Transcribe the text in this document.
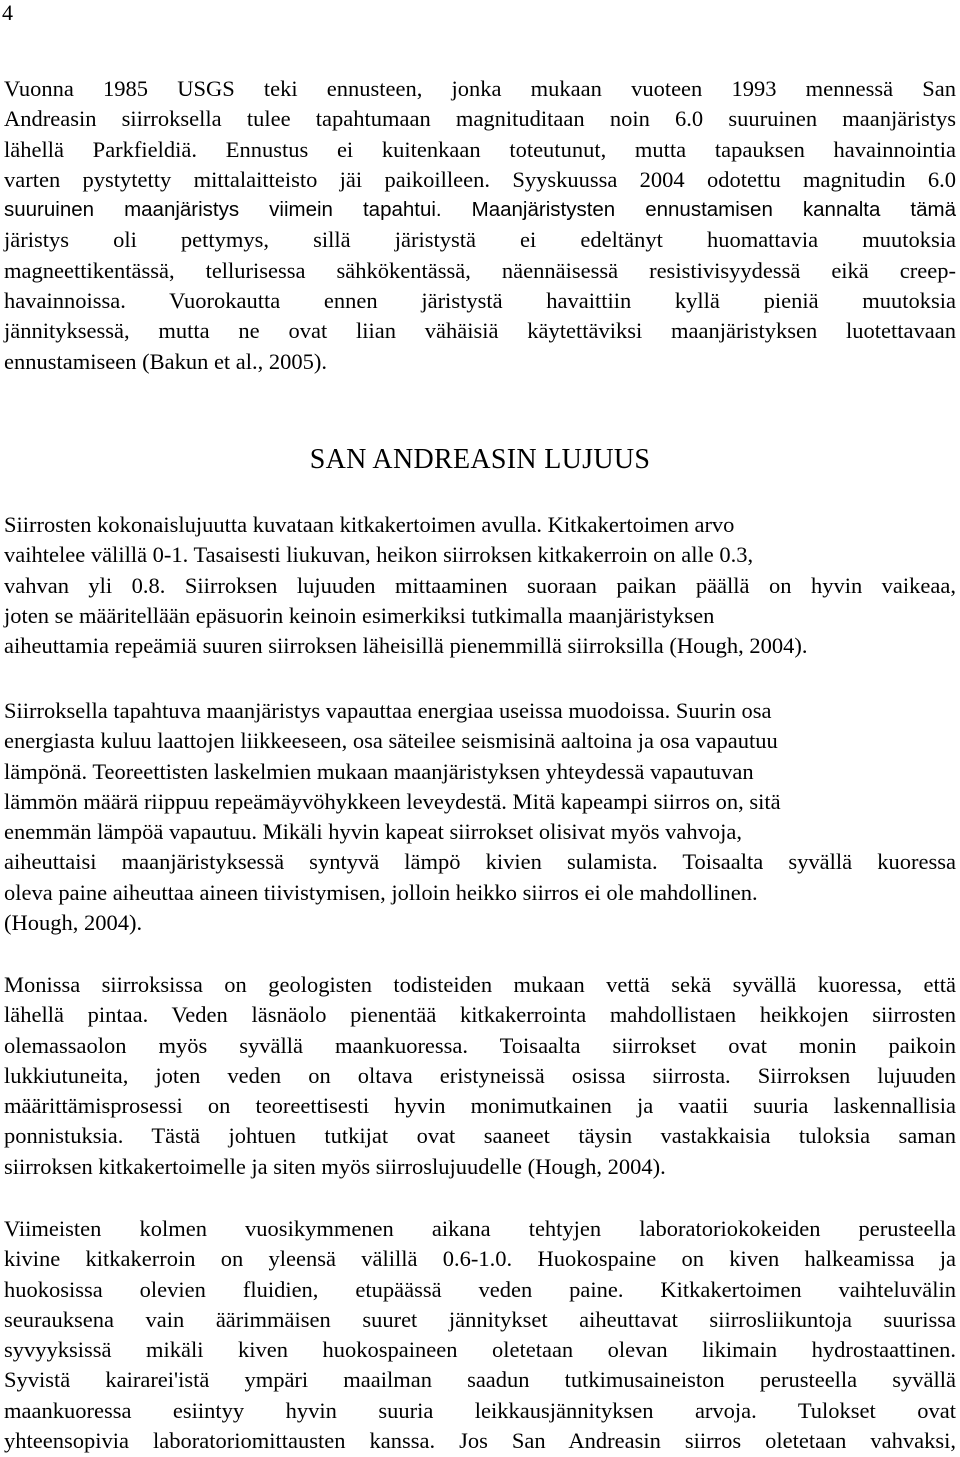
4
Vuonna 1985 USGS teki ennusteen, jonka mukaan vuoteen 1993 mennessä San
Andreasin siirroksella tulee tapahtumaan magnituditaan noin 6.0 suuruinen maanjäristys
lähellä Parkfieldiä. Ennustus ei kuitenkaan toteutunut, mutta tapauksen havainnointia
varten pystytetty mittalaitteisto jäi paikoilleen. Syyskuussa 2004 odotettu magnitudin 6.0
suuruinen maanjäristys viimein tapahtui. Maanjäristysten ennustamisen kannalta tämä
järistys oli pettymys, sillä järistystä ei edeltänyt huomattavia muutoksia
magneettikentässä, tellurisessa sähkökentässä, näennäisessä resistivisyydessä eikä creep-
havainnoissa. Vuorokautta ennen järistystä havaittiin kyllä pieniä muutoksia
jännityksessä, mutta ne ovat liian vähäisiä käytettäviksi maanjäristyksen luotettavaan
ennustamiseen (Bakun et al., 2005).
SAN ANDREASIN LUJUUS
Siirrosten kokonaislujuutta kuvataan kitkakertoimen avulla. Kitkakertoimen arvo
vaihtelee välillä 0-1. Tasaisesti liukuvan, heikon siirroksen kitkakerroin on alle 0.3,
vahvan yli 0.8. Siirroksen lujuuden mittaaminen suoraan paikan päällä on hyvin vaikeaa,
joten se määritellään epäsuorin keinoin esimerkiksi tutkimalla maanjäristyksen
aiheuttamia repeämiä suuren siirroksen läheisillä pienemmillä siirroksilla (Hough, 2004).
Siirroksella tapahtuva maanjäristys vapauttaa energiaa useissa muodoissa. Suurin osa
energiasta kuluu laattojen liikkeeseen, osa säteilee seismisinä aaltoina ja osa vapautuu
lämpönä. Teoreettisten laskelmien mukaan maanjäristyksen yhteydessä vapautuvan
lämmön määrä riippuu repeämäyvöhykkeen leveydestä. Mitä kapeampi siirros on, sitä
enemmän lämpöä vapautuu. Mikäli hyvin kapeat siirrokset olisivat myös vahvoja,
aiheuttaisi maanjäristyksessä syntyvä lämpö kivien sulamista. Toisaalta syvällä kuoressa
oleva paine aiheuttaa aineen tiivistymisen, jolloin heikko siirros ei ole mahdollinen.
(Hough, 2004).
Monissa siirroksissa on geologisten todisteiden mukaan vettä sekä syvällä kuoressa, että
lähellä pintaa. Veden läsnäolo pienentää kitkakerrointa mahdollistaen heikkojen siirrosten
olemassaolon myös syvällä maankuoressa. Toisaalta siirrokset ovat monin paikoin
lukkiutuneita, joten veden on oltava eristyneissä osissa siirrosta. Siirroksen lujuuden
määrittämisprosessi on teoreettisesti hyvin monimutkainen ja vaatii suuria laskennallisia
ponnistuksia. Tästä johtuen tutkijat ovat saaneet täysin vastakkaisia tuloksia saman
siirroksen kitkakertoimelle ja siten myös siirroslujuudelle (Hough, 2004).
Viimeisten kolmen vuosikymmenen aikana tehtyjen laboratoriokokeiden perusteella
kivine kitkakerroin on yleensä välillä 0.6-1.0. Huokospaine on kiven halkeamissa ja
huokosissa olevien fluidien, etupäässä veden paine. Kitkakertoimen vaihteluvälin
seurauksena vain äärimmäisen suuret jännitykset aiheuttavat siirrosliikuntoja suurissa
syvyyksissä mikäli kiven huokospaineen oletetaan olevan likimain hydrostaattinen.
Syvistä kairarei'istä ympäri maailman saadun tutkimusaineiston perusteella syvällä
maankuoressa esiintyy hyvin suuria leikkausjännityksen arvoja. Tulokset ovat
yhteensopivia laboratoriomittausten kanssa. Jos San Andreasin siirros oletetaan vahvaksi,
